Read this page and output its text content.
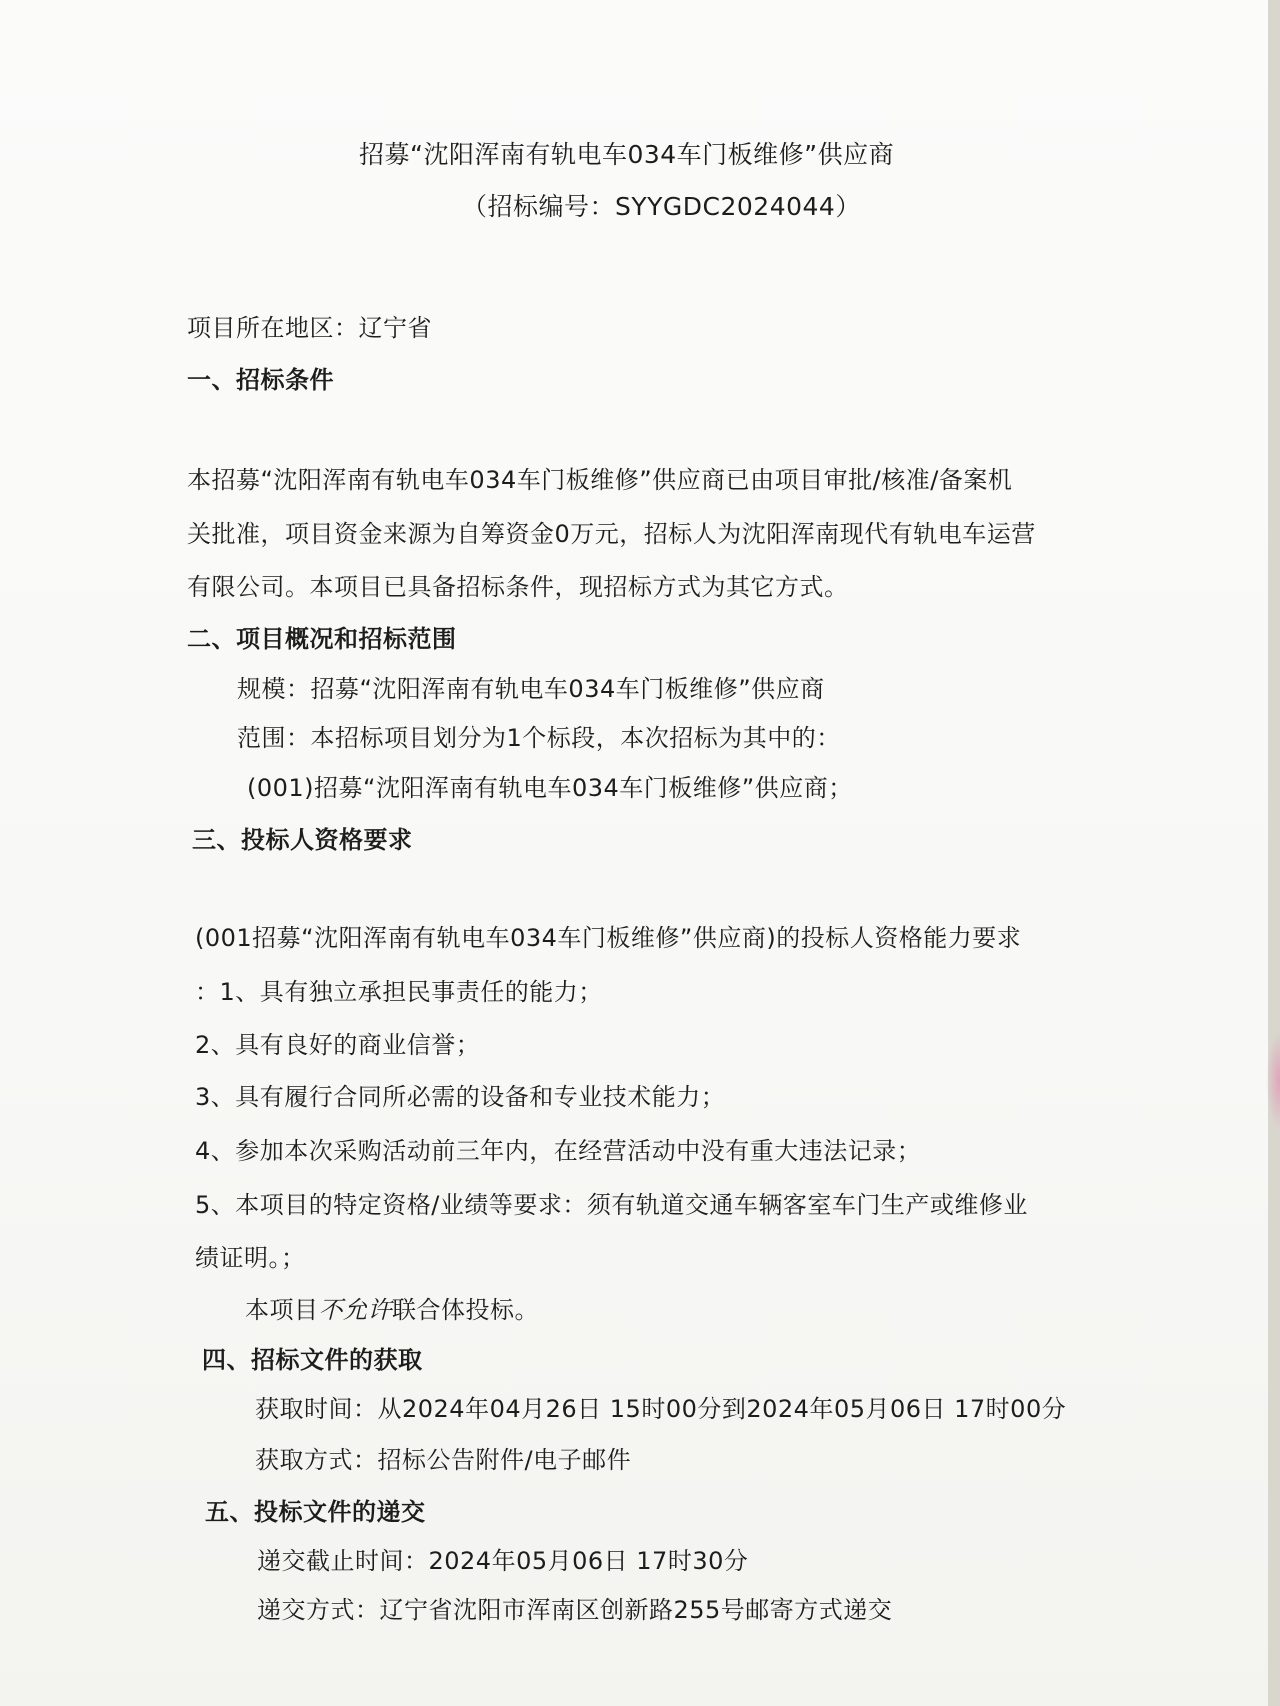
招募“沈阳浑南有轨电车034车门板维修”供应商
（招标编号：SYYGDC2024044）
项目所在地区：辽宁省
一、招标条件
本招募“沈阳浑南有轨电车034车门板维修”供应商已由项目审批/核准/备案机
关批准，项目资金来源为自筹资金0万元，招标人为沈阳浑南现代有轨电车运营
有限公司。本项目已具备招标条件，现招标方式为其它方式。
二、项目概况和招标范围
规模：招募“沈阳浑南有轨电车034车门板维修”供应商
范围：本招标项目划分为1个标段，本次招标为其中的：
(001)招募“沈阳浑南有轨电车034车门板维修”供应商；
三、投标人资格要求
(001招募“沈阳浑南有轨电车034车门板维修”供应商)的投标人资格能力要求
：1、具有独立承担民事责任的能力；
2、具有良好的商业信誉；
3、具有履行合同所必需的设备和专业技术能力；
4、参加本次采购活动前三年内，在经营活动中没有重大违法记录；
5、本项目的特定资格/业绩等要求：须有轨道交通车辆客室车门生产或维修业
绩证明。；
本项目不允许联合体投标。
四、招标文件的获取
获取时间：从2024年04月26日 15时00分到2024年05月06日 17时00分
获取方式：招标公告附件/电子邮件
五、投标文件的递交
递交截止时间：2024年05月06日 17时30分
递交方式：辽宁省沈阳市浑南区创新路255号邮寄方式递交
